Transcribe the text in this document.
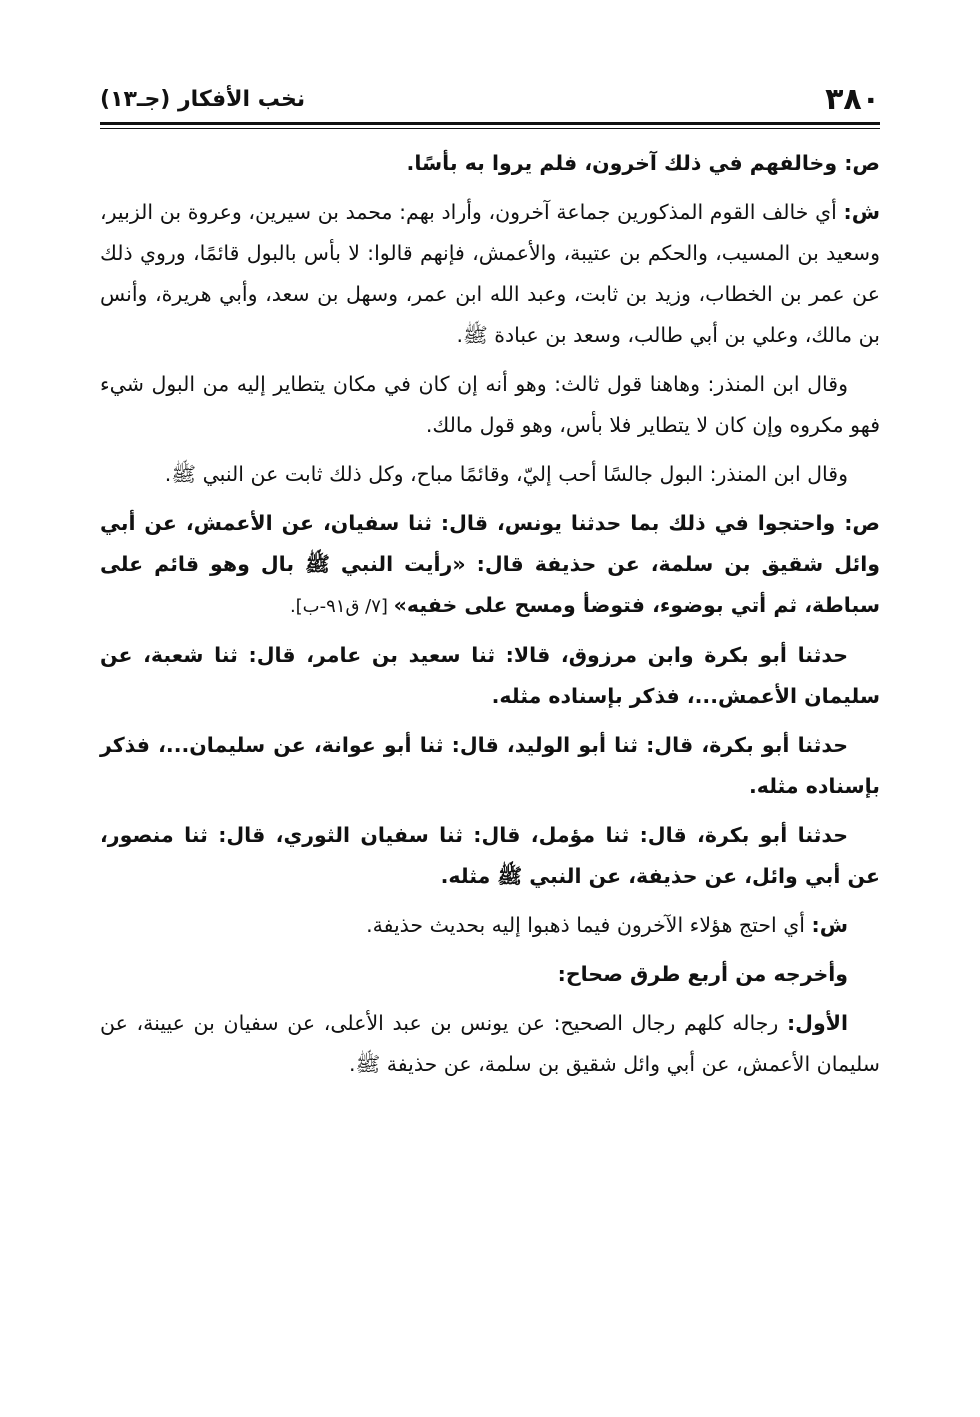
٣٨٠
نخب الأفكار (جـ١٣)

ص: وخالفهم في ذلك آخرون، فلم يروا به بأسًا.

ش: أي خالف القوم المذكورين جماعة آخرون، وأراد بهم: محمد بن سيرين، وعروة بن الزبير، وسعيد بن المسيب، والحكم بن عتيبة، والأعمش، فإنهم قالوا: لا بأس بالبول قائمًا، وروي ذلك عن عمر بن الخطاب، وزيد بن ثابت، وعبد الله ابن عمر، وسهل بن سعد، وأبي هريرة، وأنس بن مالك، وعلي بن أبي طالب، وسعد بن عبادة ﷺ.

وقال ابن المنذر: وهاهنا قول ثالث: وهو أنه إن كان في مكان يتطاير إليه من البول شيء فهو مكروه وإن كان لا يتطاير فلا بأس، وهو قول مالك.

وقال ابن المنذر: البول جالسًا أحب إليّ، وقائمًا مباح، وكل ذلك ثابت عن النبي ﷺ.

ص: واحتجوا في ذلك بما حدثنا يونس، قال: ثنا سفيان، عن الأعمش، عن أبي وائل شقيق بن سلمة، عن حذيفة قال: «رأيت النبي ﷺ بال وهو قائم على سباطة، ثم أتي بوضوء، فتوضأ ومسح على خفيه» [٧/ ق٩١-ب].

حدثنا أبو بكرة وابن مرزوق، قالا: ثنا سعيد بن عامر، قال: ثنا شعبة، عن سليمان الأعمش...، فذكر بإسناده مثله.

حدثنا أبو بكرة، قال: ثنا أبو الوليد، قال: ثنا أبو عوانة، عن سليمان...، فذكر بإسناده مثله.

حدثنا أبو بكرة، قال: ثنا مؤمل، قال: ثنا سفيان الثوري، قال: ثنا منصور، عن أبي وائل، عن حذيفة، عن النبي ﷺ مثله.

ش: أي احتج هؤلاء الآخرون فيما ذهبوا إليه بحديث حذيفة.

وأخرجه من أربع طرق صحاح:

الأول: رجاله كلهم رجال الصحيح: عن يونس بن عبد الأعلى، عن سفيان بن عيينة، عن سليمان الأعمش، عن أبي وائل شقيق بن سلمة، عن حذيفة ﷺ.
